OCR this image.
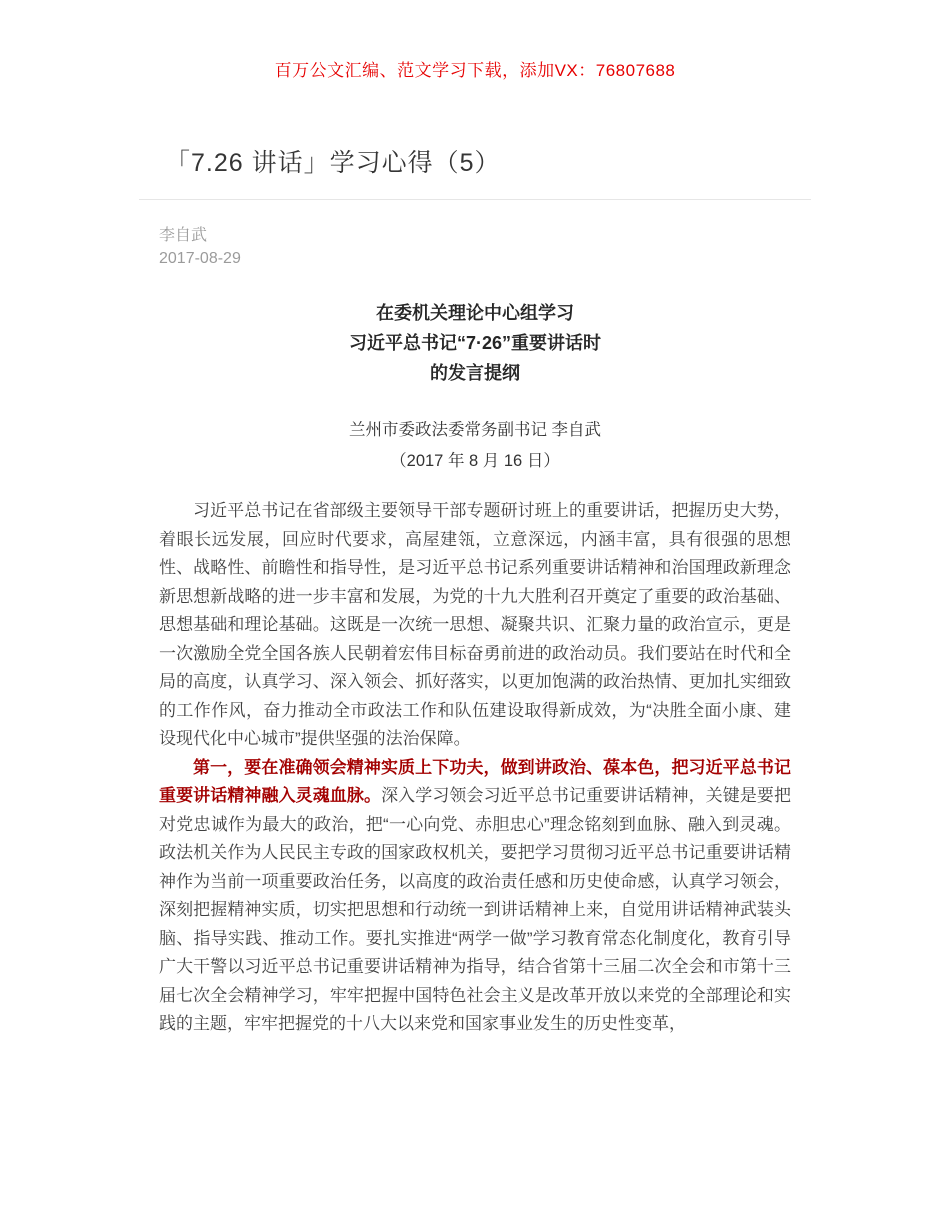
百万公文汇编、范文学习下载，添加VX：76807688
「7.26 讲话」学习心得（5）
李自武
2017-08-29
在委机关理论中心组学习
习近平总书记“7·26”重要讲话时
的发言提纲
兰州市委政法委常务副书记 李自武
（2017 年 8 月 16 日）

习近平总书记在省部级主要领导干部专题研讨班上的重要讲话，把握历史大势，着眼长远发展，回应时代要求，高屋建瓴，立意深远，内涵丰富，具有很强的思想性、战略性、前瞻性和指导性，是习近平总书记系列重要讲话精神和治国理政新理念新思想新战略的进一步丰富和发展，为党的十九大胜利召开奠定了重要的政治基础、思想基础和理论基础。这既是一次统一思想、凝聚共识、汇聚力量的政治宣示，更是一次激励全党全国各族人民朝着宏伟目标奋勇前进的政治动员。我们要站在时代和全局的高度，认真学习、深入领会、抓好落实，以更加饱满的政治热情、更加扎实细致的工作作风，奋力推动全市政法工作和队伍建设取得新成效，为“决胜全面小康、建设现代化中心城市”提供坚强的法治保障。

第一，要在准确领会精神实质上下功夫，做到讲政治、葆本色，把习近平总书记重要讲话精神融入灵魂血脉。深入学习领会习近平总书记重要讲话精神，关键是要把对党忠诚作为最大的政治，把“一心向党、赤胆忠心”理念铭刻到血脉、融入到灵魂。政法机关作为人民民主专政的国家政权机关，要把学习贯彻习近平总书记重要讲话精神作为当前一项重要政治任务，以高度的政治责任感和历史使命感，认真学习领会，深刻把握精神实质，切实把思想和行动统一到讲话精神上来，自觉用讲话精神武装头脑、指导实践、推动工作。要扎实推进“两学一做”学习教育常态化制度化，教育引导广大干警以习近平总书记重要讲话精神为指导，结合省第十三届二次全会和市第十三届七次全会精神学习，牢牢把握中国特色社会主义是改革开放以来党的全部理论和实践的主题，牢牢把握党的十八大以来党和国家事业发生的历史性变革，
